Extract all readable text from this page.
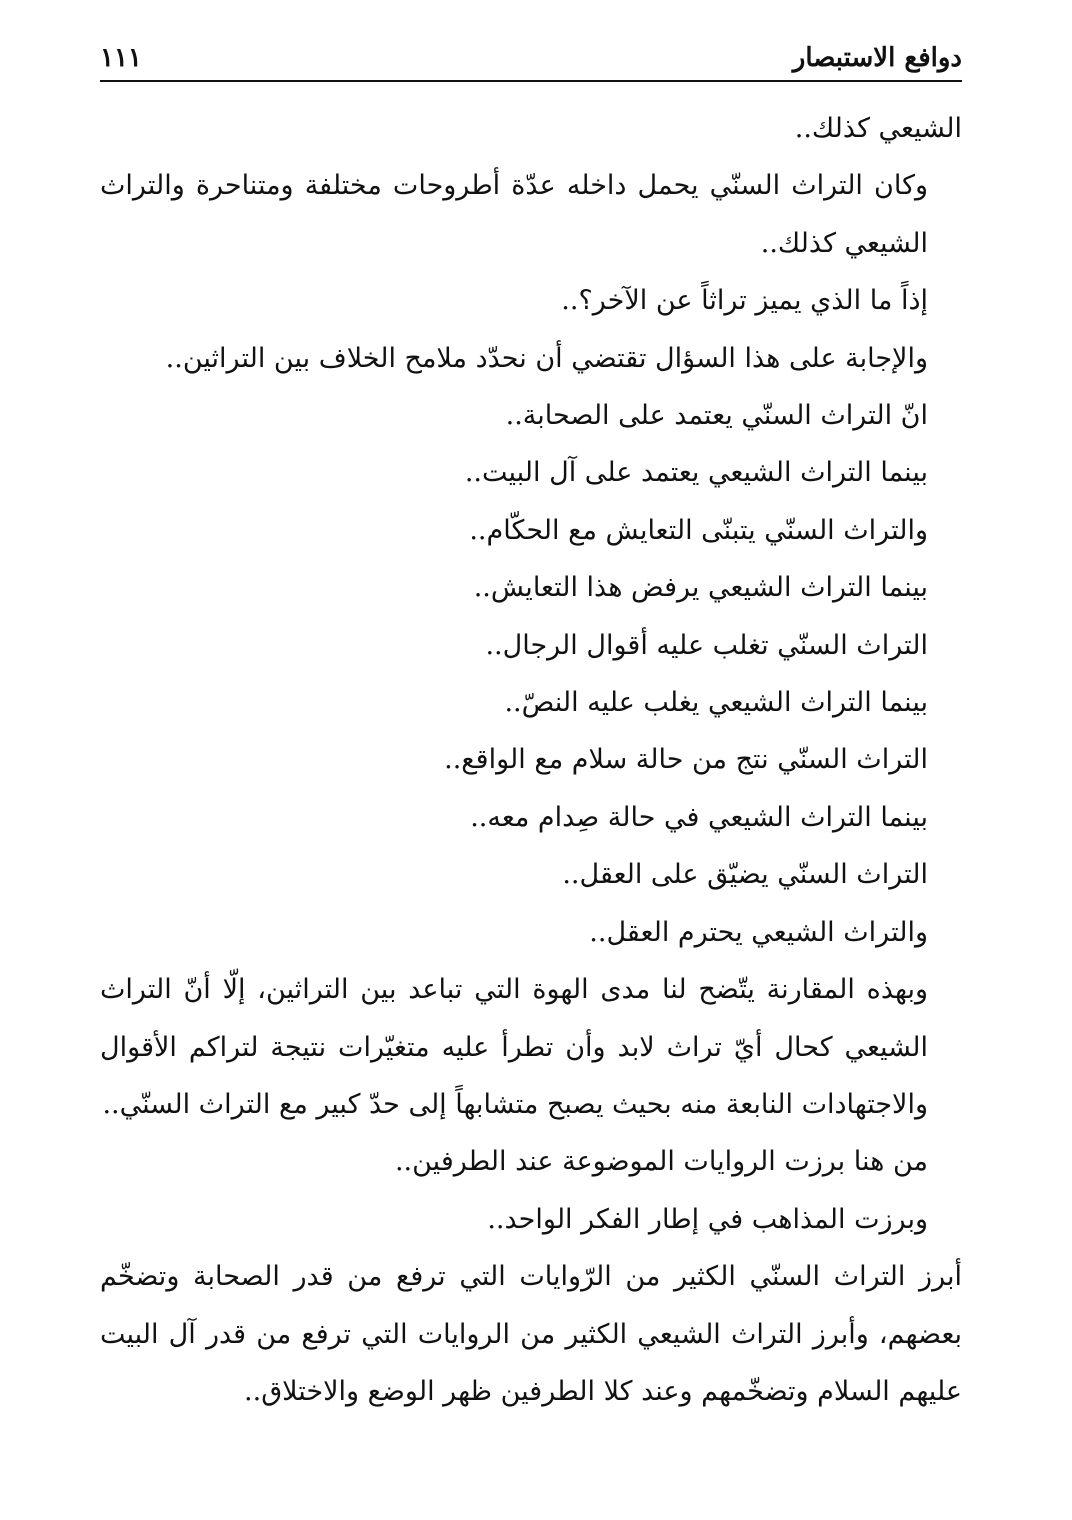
دوافع الاستبصار
١١١

الشيعي كذلك..

وكان التراث السنّي يحمل داخله عدّة أطروحات مختلفة ومتناحرة والتراث الشيعي كذلك..

إذاً ما الذي يميز تراثاً عن الآخر؟..

والإجابة على هذا السؤال تقتضي أن نحدّد ملامح الخلاف بين التراثين..

انّ التراث السنّي يعتمد على الصحابة..

بينما التراث الشيعي يعتمد على آل البيت..

والتراث السنّي يتبنّى التعايش مع الحكّام..

بينما التراث الشيعي يرفض هذا التعايش..

التراث السنّي تغلب عليه أقوال الرجال..

بينما التراث الشيعي يغلب عليه النصّ..

التراث السنّي نتج من حالة سلام مع الواقع..

بينما التراث الشيعي في حالة صِدام معه..

التراث السنّي يضيّق على العقل..

والتراث الشيعي يحترم العقل..

وبهذه المقارنة يتّضح لنا مدى الهوة التي تباعد بين التراثين، إلّا أنّ التراث الشيعي كحال أيّ تراث لابد وأن تطرأ عليه متغيّرات نتيجة لتراكم الأقوال والاجتهادات النابعة منه بحيث يصبح متشابهاً إلى حدّ كبير مع التراث السنّي..

من هنا برزت الروايات الموضوعة عند الطرفين..

وبرزت المذاهب في إطار الفكر الواحد..

أبرز التراث السنّي الكثير من الرّوايات التي ترفع من قدر الصحابة وتضخّم بعضهم، وأبرز التراث الشيعي الكثير من الروايات التي ترفع من قدر آل البيت عليهم السلام وتضخّمهم وعند كلا الطرفين ظهر الوضع والاختلاق..
